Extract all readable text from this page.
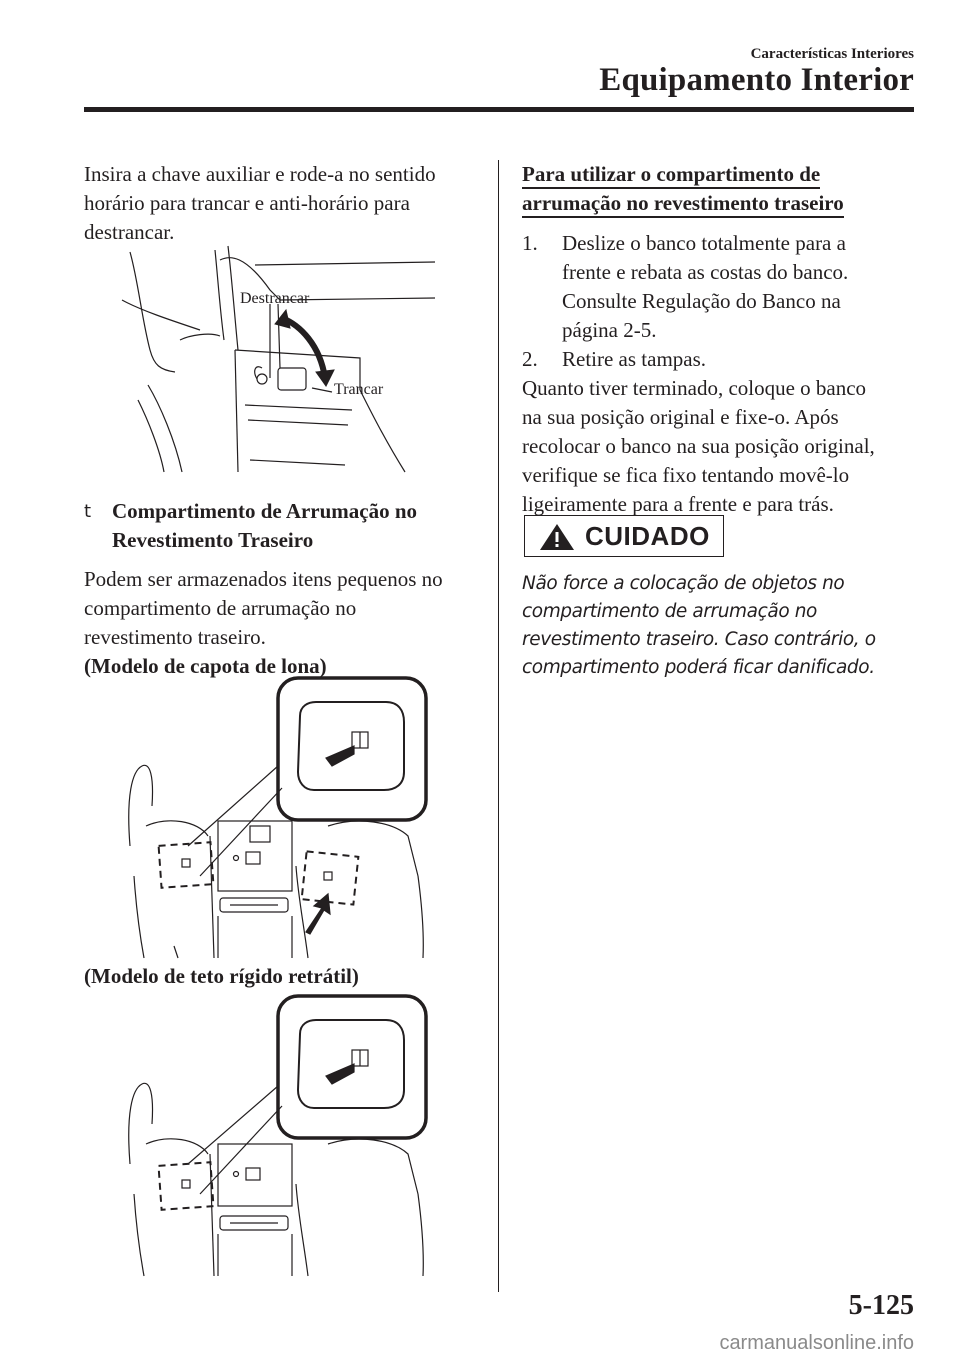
Características Interiores
Equipamento Interior
Insira a chave auxiliar e rode-a no sentido
horário para trancar e anti-horário para
destrancar.
Destrancar
Trancar
t Compartimento de Arrumação no
Revestimento Traseiro
Podem ser armazenados itens pequenos no
compartimento de arrumação no
revestimento traseiro.
(Modelo de capota de lona)
(Modelo de teto rígido retrátil)
Para utilizar o compartimento de
arrumação no revestimento traseiro
1. Deslize o banco totalmente para a
frente e rebata as costas do banco.
Consulte Regulação do Banco na
página 2-5.
2. Retire as tampas.
Quanto tiver terminado, coloque o banco
na sua posição original e fixe-o. Após
recolocar o banco na sua posição original,
verifique se fica fixo tentando movê-lo
ligeiramente para a frente e para trás.
CUIDADO
Não force a colocação de objetos no
compartimento de arrumação no
revestimento traseiro. Caso contrário, o
compartimento poderá ficar danificado.
5-125
carmanualsonline.info
